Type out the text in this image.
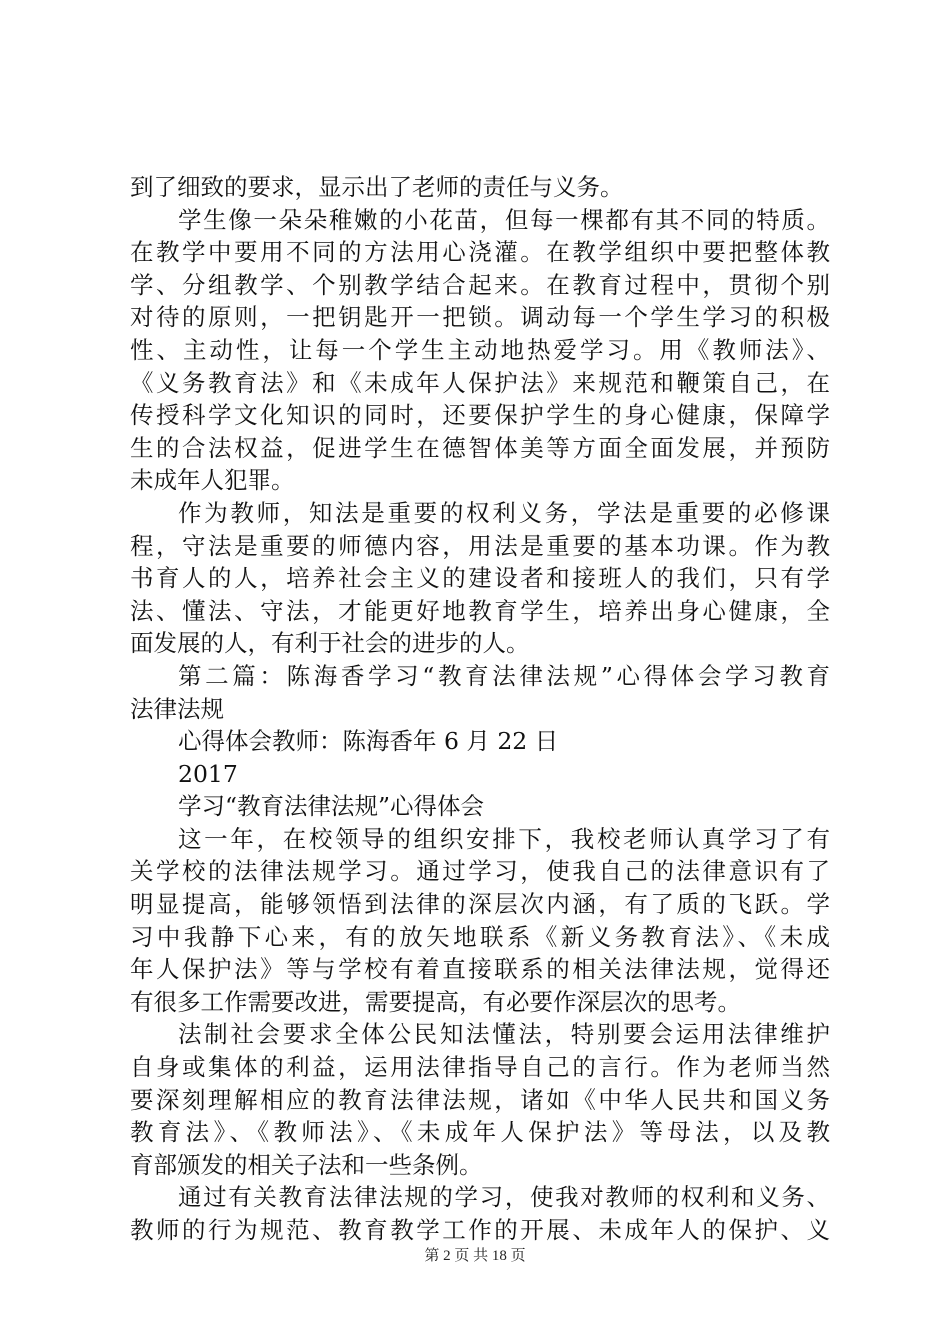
到了细致的要求，显示出了老师的责任与义务。
学生像一朵朵稚嫩的小花苗，但每一棵都有其不同的特质。
在教学中要用不同的方法用心浇灌。在教学组织中要把整体教
学、分组教学、个别教学结合起来。在教育过程中，贯彻个别
对待的原则，一把钥匙开一把锁。调动每一个学生学习的积极
性、主动性，让每一个学生主动地热爱学习。用《教师法》、
《义务教育法》和《未成年人保护法》来规范和鞭策自己，在
传授科学文化知识的同时，还要保护学生的身心健康，保障学
生的合法权益，促进学生在德智体美等方面全面发展，并预防
未成年人犯罪。
作为教师，知法是重要的权利义务，学法是重要的必修课
程，守法是重要的师德内容，用法是重要的基本功课。作为教
书育人的人，培养社会主义的建设者和接班人的我们，只有学
法、懂法、守法，才能更好地教育学生，培养出身心健康，全
面发展的人，有利于社会的进步的人。
第二篇：陈海香学习“教育法律法规”心得体会学习教育
法律法规
心得体会教师：陈海香年 6 月 22 日
2017
学习“教育法律法规”心得体会
这一年，在校领导的组织安排下，我校老师认真学习了有
关学校的法律法规学习。通过学习，使我自己的法律意识有了
明显提高，能够领悟到法律的深层次内涵，有了质的飞跃。学
习中我静下心来，有的放矢地联系《新义务教育法》、《未成
年人保护法》等与学校有着直接联系的相关法律法规，觉得还
有很多工作需要改进，需要提高，有必要作深层次的思考。
法制社会要求全体公民知法懂法，特别要会运用法律维护
自身或集体的利益，运用法律指导自己的言行。作为老师当然
要深刻理解相应的教育法律法规，诸如《中华人民共和国义务
教育法》、《教师法》、《未成年人保护法》等母法，以及教
育部颁发的相关子法和一些条例。
通过有关教育法律法规的学习，使我对教师的权利和义务、
教师的行为规范、教育教学工作的开展、未成年人的保护、义
第 2 页 共 18 页
